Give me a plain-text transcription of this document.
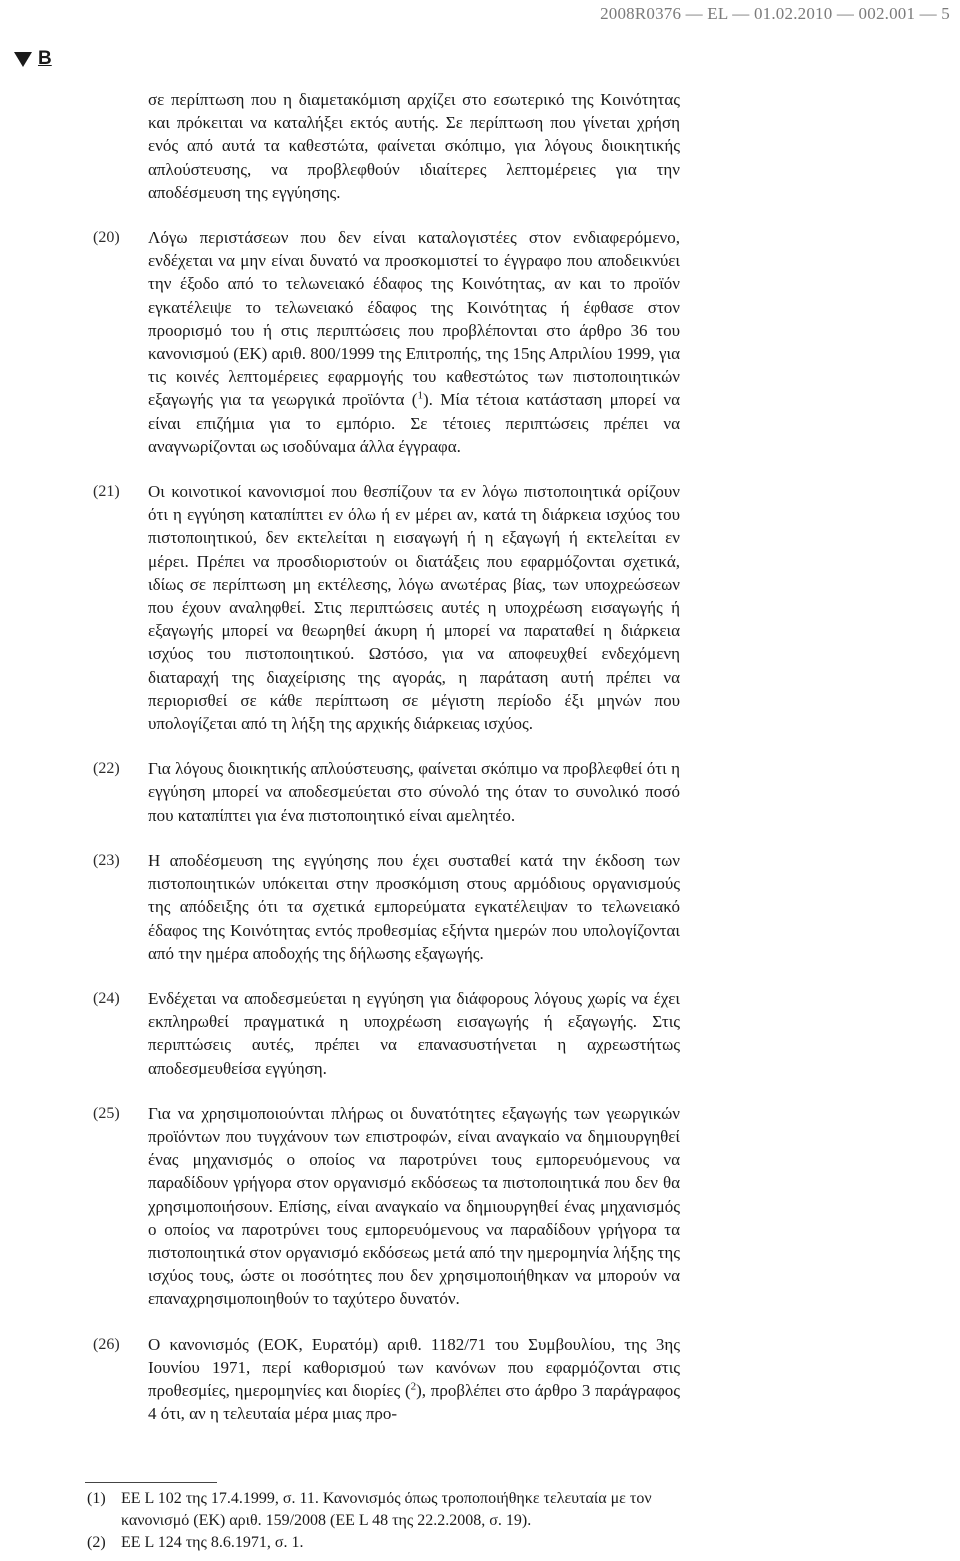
2008R0376 — EL — 01.02.2010 — 002.001 — 5
B
σε περίπτωση που η διαμετακόμιση αρχίζει στο εσωτερικό της Κοινότητας και πρόκειται να καταλήξει εκτός αυτής. Σε περίπτωση που γίνεται χρήση ενός από αυτά τα καθεστώτα, φαίνεται σκόπιμο, για λόγους διοικητικής απλούστευσης, να προβλεφθούν ιδιαίτερες λεπτομέρειες για την αποδέσμευση της εγγύησης.
(20) Λόγω περιστάσεων που δεν είναι καταλογιστέες στον ενδιαφερόμενο, ενδέχεται να μην είναι δυνατό να προσκομιστεί το έγγραφο που αποδεικνύει την έξοδο από το τελωνειακό έδαφος της Κοινότητας, αν και το προϊόν εγκατέλειψε το τελωνειακό έδαφος της Κοινότητας ή έφθασε στον προορισμό του ή στις περιπτώσεις που προβλέπονται στο άρθρο 36 του κανονισμού (ΕΚ) αριθ. 800/1999 της Επιτροπής, της 15ης Απριλίου 1999, για τις κοινές λεπτομέρειες εφαρμογής του καθεστώτος των πιστοποιητικών εξαγωγής για τα γεωργικά προϊόντα ($^1$). Μία τέτοια κατάσταση μπορεί να είναι επιζήμια για το εμπόριο. Σε τέτοιες περιπτώσεις πρέπει να αναγνωρίζονται ως ισοδύναμα άλλα έγγραφα.
(21) Οι κοινοτικοί κανονισμοί που θεσπίζουν τα εν λόγω πιστοποιητικά ορίζουν ότι η εγγύηση καταπίπτει εν όλω ή εν μέρει αν, κατά τη διάρκεια ισχύος του πιστοποιητικού, δεν εκτελείται η εισαγωγή ή η εξαγωγή ή εκτελείται εν μέρει. Πρέπει να προσδιοριστούν οι διατάξεις που εφαρμόζονται σχετικά, ιδίως σε περίπτωση μη εκτέλεσης, λόγω ανωτέρας βίας, των υποχρεώσεων που έχουν αναληφθεί. Στις περιπτώσεις αυτές η υποχρέωση εισαγωγής ή εξαγωγής μπορεί να θεωρηθεί άκυρη ή μπορεί να παραταθεί η διάρκεια ισχύος του πιστοποιητικού. Ωστόσο, για να αποφευχθεί ενδεχόμενη διαταραχή της διαχείρισης της αγοράς, η παράταση αυτή πρέπει να περιορισθεί σε κάθε περίπτωση σε μέγιστη περίοδο έξι μηνών που υπολογίζεται από τη λήξη της αρχικής διάρκειας ισχύος.
(22) Για λόγους διοικητικής απλούστευσης, φαίνεται σκόπιμο να προβλεφθεί ότι η εγγύηση μπορεί να αποδεσμεύεται στο σύνολό της όταν το συνολικό ποσό που καταπίπτει για ένα πιστοποιητικό είναι αμελητέο.
(23) Η αποδέσμευση της εγγύησης που έχει συσταθεί κατά την έκδοση των πιστοποιητικών υπόκειται στην προσκόμιση στους αρμόδιους οργανισμούς της απόδειξης ότι τα σχετικά εμπορεύματα εγκατέλειψαν το τελωνειακό έδαφος της Κοινότητας εντός προθεσμίας εξήντα ημερών που υπολογίζονται από την ημέρα αποδοχής της δήλωσης εξαγωγής.
(24) Ενδέχεται να αποδεσμεύεται η εγγύηση για διάφορους λόγους χωρίς να έχει εκπληρωθεί πραγματικά η υποχρέωση εισαγωγής ή εξαγωγής. Στις περιπτώσεις αυτές, πρέπει να επανασυστήνεται η αχρεωστήτως αποδεσμευθείσα εγγύηση.
(25) Για να χρησιμοποιούνται πλήρως οι δυνατότητες εξαγωγής των γεωργικών προϊόντων που τυγχάνουν των επιστροφών, είναι αναγκαίο να δημιουργηθεί ένας μηχανισμός ο οποίος να παροτρύνει τους εμπορευόμενους να παραδίδουν γρήγορα στον οργανισμό εκδόσεως τα πιστοποιητικά που δεν θα χρησιμοποιήσουν. Επίσης, είναι αναγκαίο να δημιουργηθεί ένας μηχανισμός ο οποίος να παροτρύνει τους εμπορευόμενους να παραδίδουν γρήγορα τα πιστοποιητικά στον οργανισμό εκδόσεως μετά από την ημερομηνία λήξης της ισχύος τους, ώστε οι ποσότητες που δεν χρησιμοποιήθηκαν να μπορούν να επαναχρησιμοποιηθούν το ταχύτερο δυνατόν.
(26) Ο κανονισμός (ΕΟΚ, Ευρατόμ) αριθ. 1182/71 του Συμβουλίου, της 3ης Ιουνίου 1971, περί καθορισμού των κανόνων που εφαρμόζονται στις προθεσμίες, ημερομηνίες και διορίες ($^2$), προβλέπει στο άρθρο 3 παράγραφος 4 ότι, αν η τελευταία μέρα μιας προ-
(1) ΕΕ L 102 της 17.4.1999, σ. 11. Κανονισμός όπως τροποποιήθηκε τελευταία με τον κανονισμό (ΕΚ) αριθ. 159/2008 (ΕΕ L 48 της 22.2.2008, σ. 19).
(2) ΕΕ L 124 της 8.6.1971, σ. 1.
